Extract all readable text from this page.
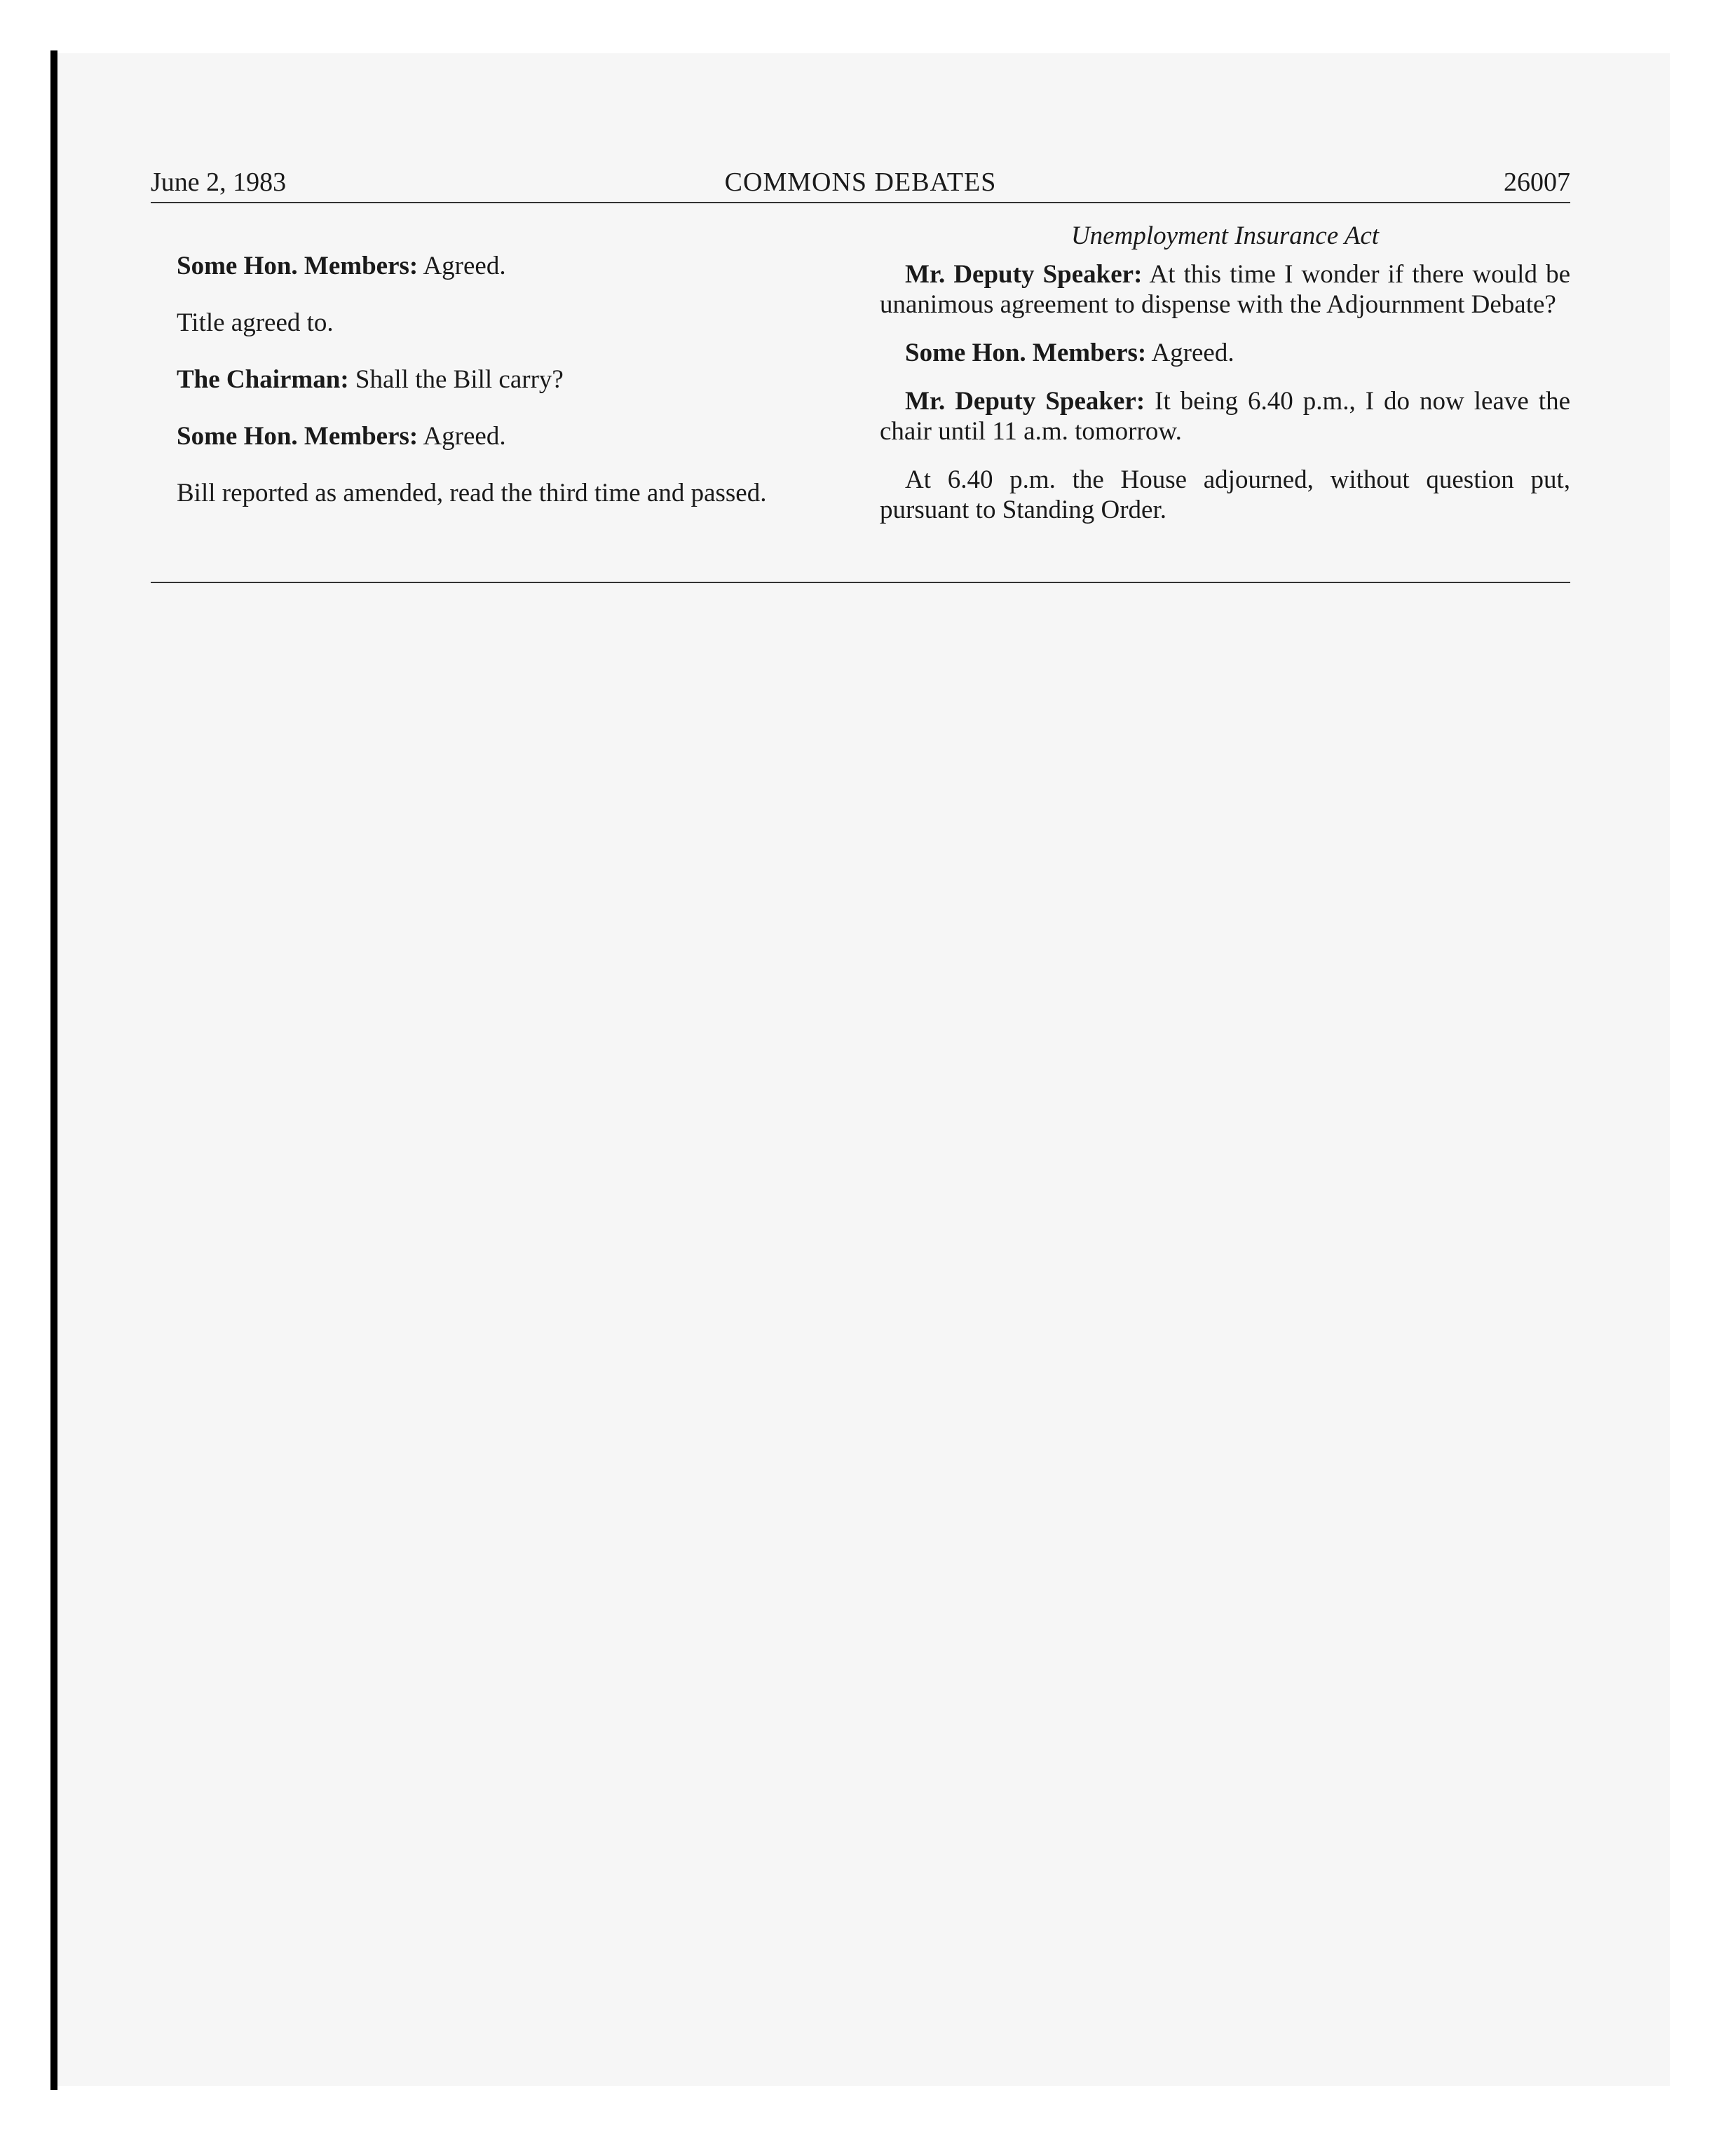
June 2, 1983	COMMONS DEBATES	26007

Some Hon. Members: Agreed.

Title agreed to.

The Chairman: Shall the Bill carry?

Some Hon. Members: Agreed.

Bill reported as amended, read the third time and passed.

Unemployment Insurance Act

Mr. Deputy Speaker: At this time I wonder if there would be unanimous agreement to dispense with the Adjournment Debate?

Some Hon. Members: Agreed.

Mr. Deputy Speaker: It being 6.40 p.m., I do now leave the chair until 11 a.m. tomorrow.

At 6.40 p.m. the House adjourned, without question put, pursuant to Standing Order.
